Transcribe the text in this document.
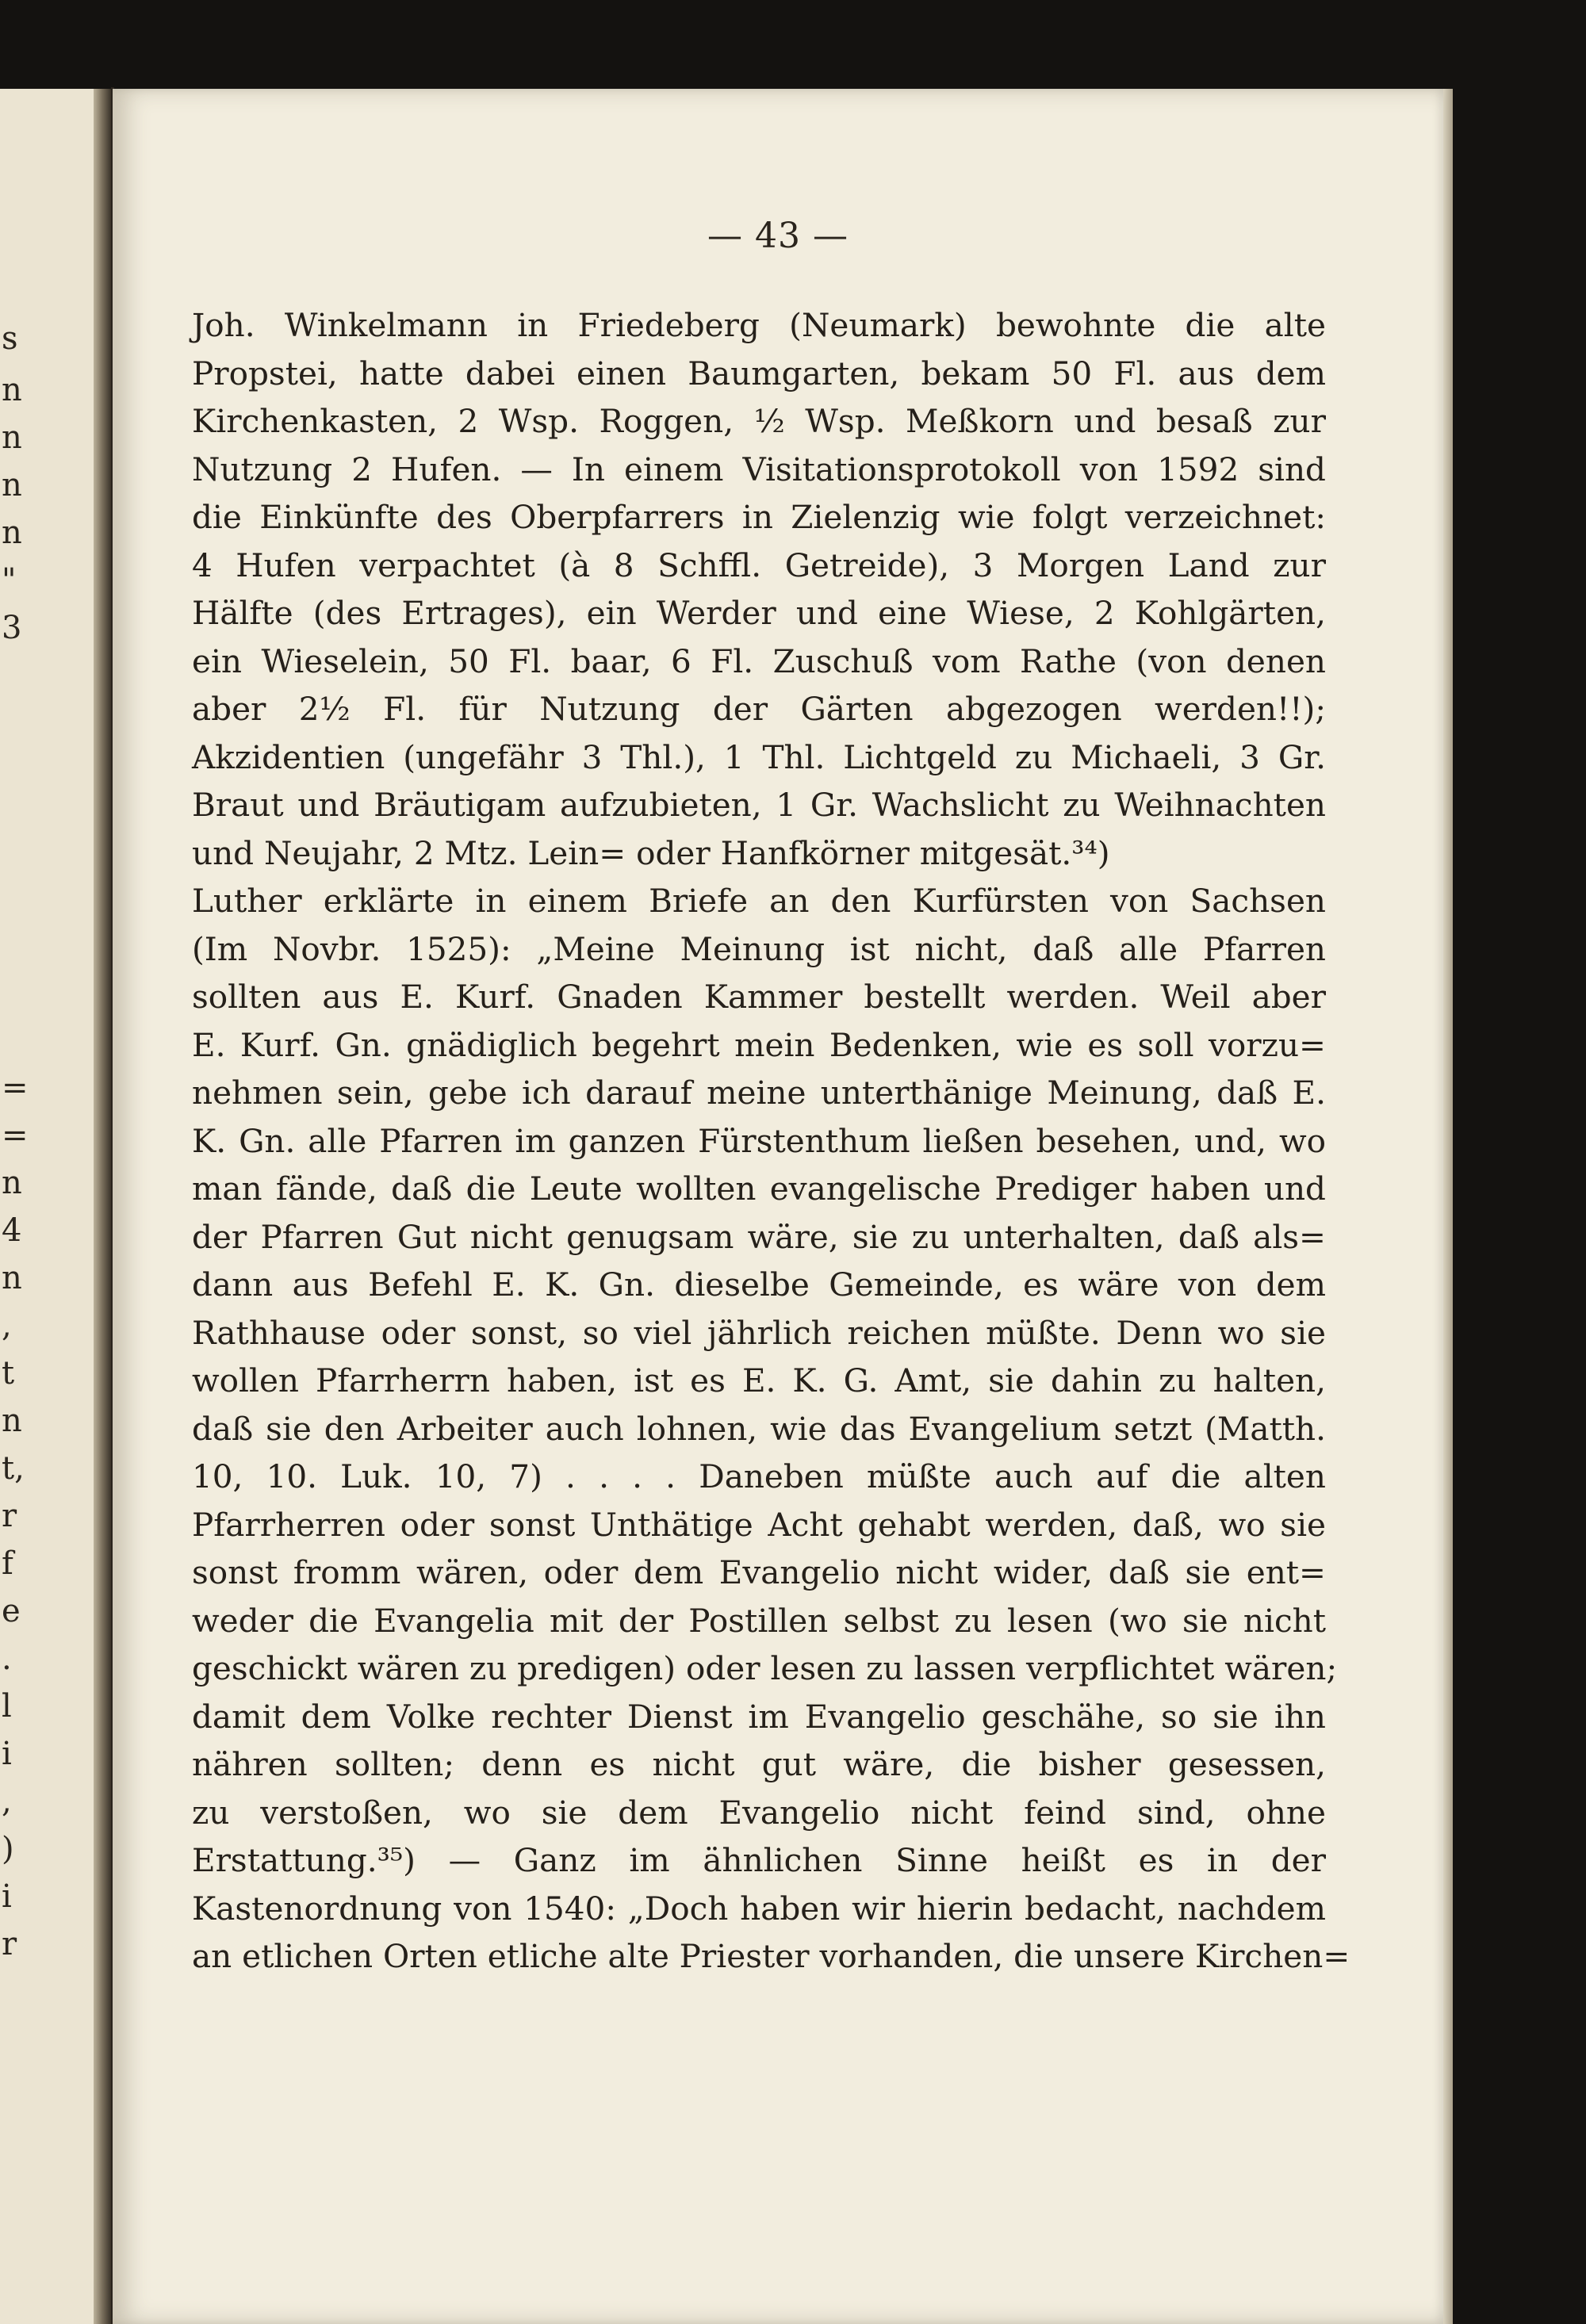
s
n
n
n
n
"
3
=
=
n
4
n
,
t
n
t,
r
f
e
.
l
i
,
)
i
r
— 43 —
Joh. Winkelmann in Friedeberg (Neumark) bewohnte die alte
Propstei, hatte dabei einen Baumgarten, bekam 50 Fl. aus dem
Kirchenkasten, 2 Wsp. Roggen, ½ Wsp. Meßkorn und besaß zur
Nutzung 2 Hufen. — In einem Visitationsprotokoll von 1592 sind
die Einkünfte des Oberpfarrers in Zielenzig wie folgt verzeichnet:
4 Hufen verpachtet (à 8 Schffl. Getreide), 3 Morgen Land zur
Hälfte (des Ertrages), ein Werder und eine Wiese, 2 Kohlgärten,
ein Wieselein, 50 Fl. baar, 6 Fl. Zuschuß vom Rathe (von denen
aber 2½ Fl. für Nutzung der Gärten abgezogen werden!!);
Akzidentien (ungefähr 3 Thl.), 1 Thl. Lichtgeld zu Michaeli, 3 Gr.
Braut und Bräutigam aufzubieten, 1 Gr. Wachslicht zu Weihnachten
und Neujahr, 2 Mtz. Lein= oder Hanfkörner mitgesät.³⁴)
Luther erklärte in einem Briefe an den Kurfürsten von Sachsen
(Im Novbr. 1525): „Meine Meinung ist nicht, daß alle Pfarren
sollten aus E. Kurf. Gnaden Kammer bestellt werden. Weil aber
E. Kurf. Gn. gnädiglich begehrt mein Bedenken, wie es soll vorzu=
nehmen sein, gebe ich darauf meine unterthänige Meinung, daß E.
K. Gn. alle Pfarren im ganzen Fürstenthum ließen besehen, und, wo
man fände, daß die Leute wollten evangelische Prediger haben und
der Pfarren Gut nicht genugsam wäre, sie zu unterhalten, daß als=
dann aus Befehl E. K. Gn. dieselbe Gemeinde, es wäre von dem
Rathhause oder sonst, so viel jährlich reichen müßte. Denn wo sie
wollen Pfarrherrn haben, ist es E. K. G. Amt, sie dahin zu halten,
daß sie den Arbeiter auch lohnen, wie das Evangelium setzt (Matth.
10, 10. Luk. 10, 7) . . . . Daneben müßte auch auf die alten
Pfarrherren oder sonst Unthätige Acht gehabt werden, daß, wo sie
sonst fromm wären, oder dem Evangelio nicht wider, daß sie ent=
weder die Evangelia mit der Postillen selbst zu lesen (wo sie nicht
geschickt wären zu predigen) oder lesen zu lassen verpflichtet wären;
damit dem Volke rechter Dienst im Evangelio geschähe, so sie ihn
nähren sollten; denn es nicht gut wäre, die bisher gesessen,
zu verstoßen, wo sie dem Evangelio nicht feind sind, ohne
Erstattung.³⁵) — Ganz im ähnlichen Sinne heißt es in der
Kastenordnung von 1540: „Doch haben wir hierin bedacht, nachdem
an etlichen Orten etliche alte Priester vorhanden, die unsere Kirchen=
